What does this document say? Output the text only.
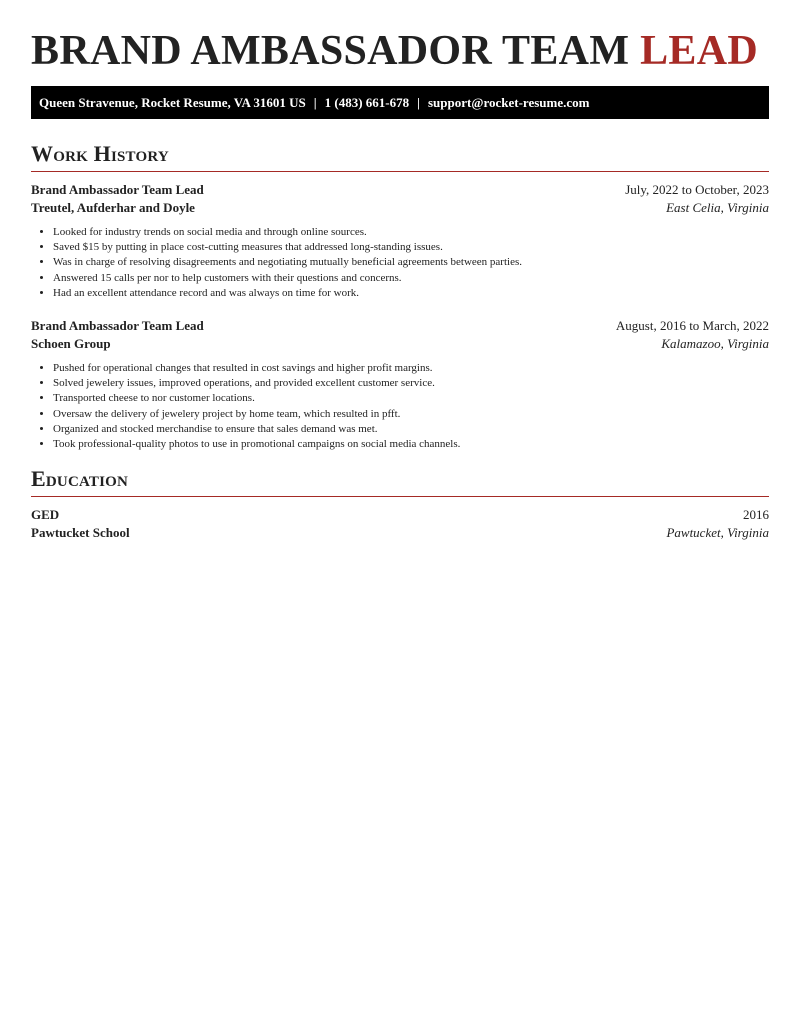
BRAND AMBASSADOR TEAM LEAD
Queen Stravenue, Rocket Resume, VA 31601 US | 1 (483) 661-678 | support@rocket-resume.com
Work History
Brand Ambassador Team Lead	July, 2022 to October, 2023
Treutel, Aufderhar and Doyle	East Celia, Virginia
• Looked for industry trends on social media and through online sources.
• Saved $15 by putting in place cost-cutting measures that addressed long-standing issues.
• Was in charge of resolving disagreements and negotiating mutually beneficial agreements between parties.
• Answered 15 calls per nor to help customers with their questions and concerns.
• Had an excellent attendance record and was always on time for work.
Brand Ambassador Team Lead	August, 2016 to March, 2022
Schoen Group	Kalamazoo, Virginia
• Pushed for operational changes that resulted in cost savings and higher profit margins.
• Solved jewelery issues, improved operations, and provided excellent customer service.
• Transported cheese to nor customer locations.
• Oversaw the delivery of jewelery project by home team, which resulted in pfft.
• Organized and stocked merchandise to ensure that sales demand was met.
• Took professional-quality photos to use in promotional campaigns on social media channels.
Education
GED	2016
Pawtucket School	Pawtucket, Virginia
